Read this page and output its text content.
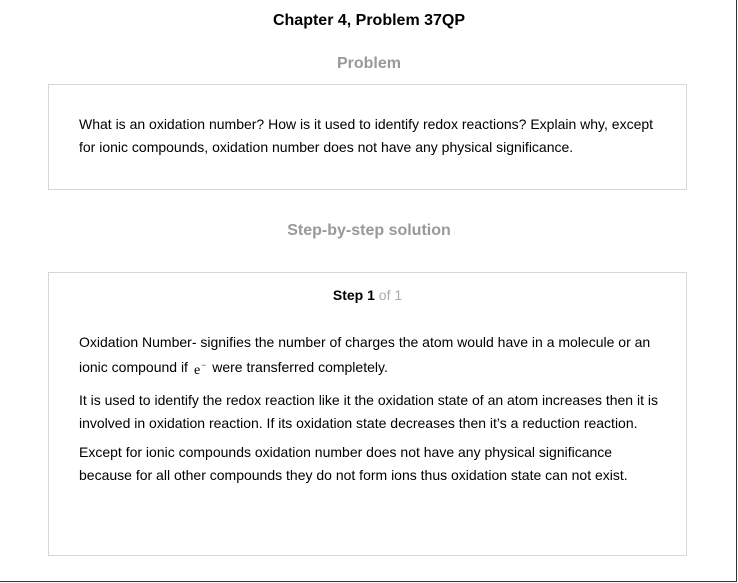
Chapter 4, Problem 37QP
Problem

What is an oxidation number? How is it used to identify redox reactions? Explain why, except for ionic compounds, oxidation number does not have any physical significance.

Step-by-step solution
Step 1 of 1

Oxidation Number- signifies the number of charges the atom would have in a molecule or an ionic compound if e− were transferred completely.

It is used to identify the redox reaction like it the oxidation state of an atom increases then it is involved in oxidation reaction. If its oxidation state decreases then it’s a reduction reaction.

Except for ionic compounds oxidation number does not have any physical significance because for all other compounds they do not form ions thus oxidation state can not exist.
